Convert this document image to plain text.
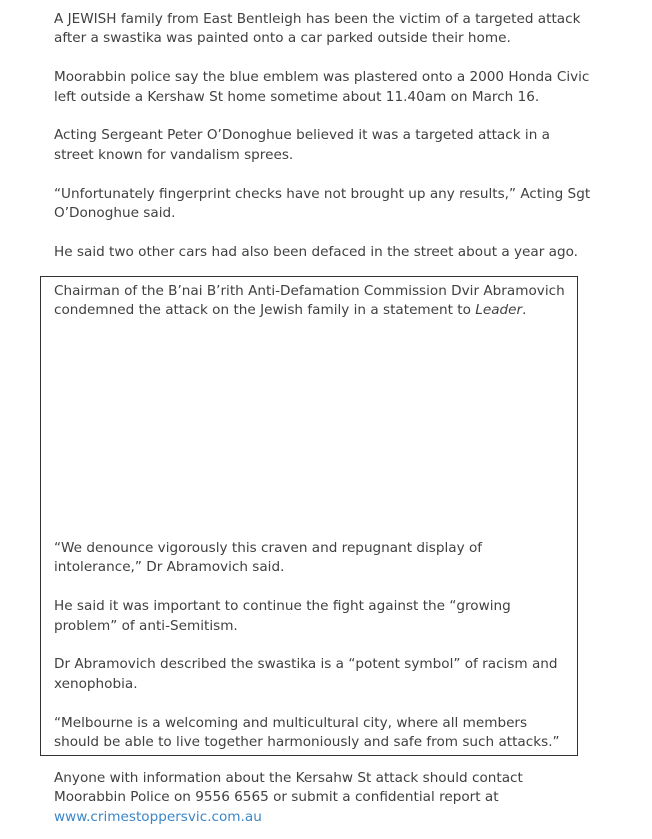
A JEWISH family from East Bentleigh has been the victim of a targeted attack after a swastika was painted onto a car parked outside their home.

Moorabbin police say the blue emblem was plastered onto a 2000 Honda Civic left outside a Kershaw St home sometime about 11.40am on March 16.

Acting Sergeant Peter O’Donoghue believed it was a targeted attack in a street known for vandalism sprees.

“Unfortunately fingerprint checks have not brought up any results,” Acting Sgt O’Donoghue said.

He said two other cars had also been defaced in the street about a year ago.

Chairman of the B’nai B’rith Anti-Defamation Commission Dvir Abramovich condemned the attack on the Jewish family in a statement to Leader.

“We denounce vigorously this craven and repugnant display of intolerance,” Dr Abramovich said.

He said it was important to continue the fight against the “growing problem” of anti-Semitism.

Dr Abramovich described the swastika is a “potent symbol” of racism and xenophobia.

“Melbourne is a welcoming and multicultural city, where all members should be able to live together harmoniously and safe from such attacks.”

Anyone with information about the Kersahw St attack should contact Moorabbin Police on 9556 6565 or submit a confidential report at

www.crimestoppersvic.com.au
